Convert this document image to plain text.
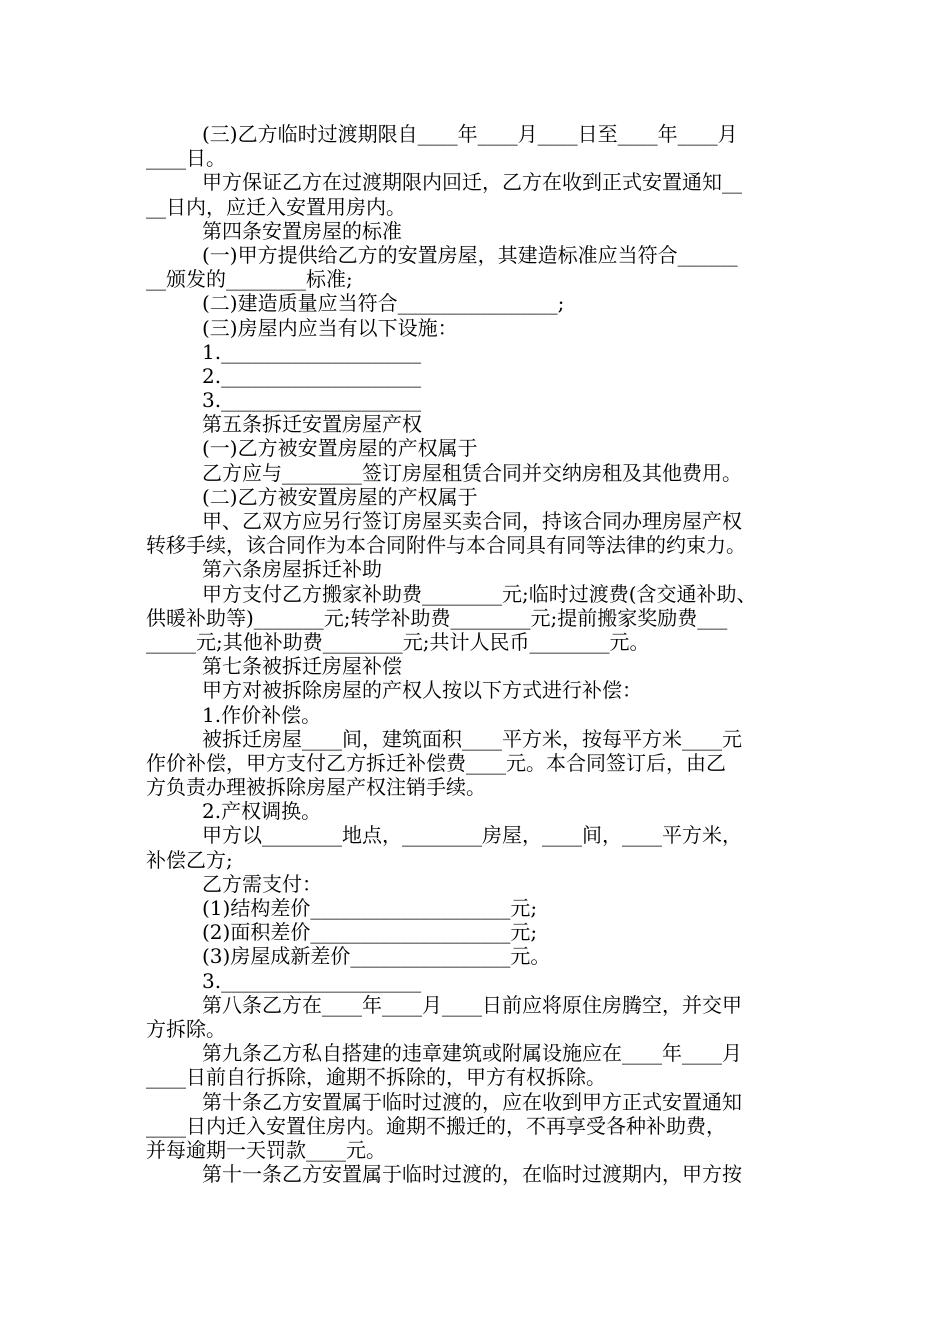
(三)乙方临时过渡期限自____年____月____日至____年____月
____日。
甲方保证乙方在过渡期限内回迁，乙方在收到正式安置通知__
__日内，应迁入安置用房内。
第四条安置房屋的标准
(一)甲方提供给乙方的安置房屋，其建造标准应当符合______
__颁发的________标准;
(二)建造质量应当符合________________;
(三)房屋内应当有以下设施：
1.____________________
2.____________________
3.____________________
第五条拆迁安置房屋产权
(一)乙方被安置房屋的产权属于
乙方应与________签订房屋租赁合同并交纳房租及其他费用。
(二)乙方被安置房屋的产权属于
甲、乙双方应另行签订房屋买卖合同，持该合同办理房屋产权
转移手续，该合同作为本合同附件与本合同具有同等法律的约束力。
第六条房屋拆迁补助
甲方支付乙方搬家补助费________元;临时过渡费(含交通补助、
供暖补助等)_______元;转学补助费________元;提前搬家奖励费___
_____元;其他补助费________元;共计人民币________元。
第七条被拆迁房屋补偿
甲方对被拆除房屋的产权人按以下方式进行补偿：
1.作价补偿。
被拆迁房屋____间，建筑面积____平方米，按每平方米____元
作价补偿，甲方支付乙方拆迁补偿费____元。本合同签订后，由乙
方负责办理被拆除房屋产权注销手续。
2.产权调换。
甲方以________地点，________房屋，____间，____平方米，
补偿乙方;
乙方需支付：
(1)结构差价____________________元;
(2)面积差价____________________元;
(3)房屋成新差价________________元。
3.____________________
第八条乙方在____年____月____日前应将原住房腾空，并交甲
方拆除。
第九条乙方私自搭建的违章建筑或附属设施应在____年____月
____日前自行拆除，逾期不拆除的，甲方有权拆除。
第十条乙方安置属于临时过渡的，应在收到甲方正式安置通知
____日内迁入安置住房内。逾期不搬迁的，不再享受各种补助费，
并每逾期一天罚款____元。
第十一条乙方安置属于临时过渡的，在临时过渡期内，甲方按
